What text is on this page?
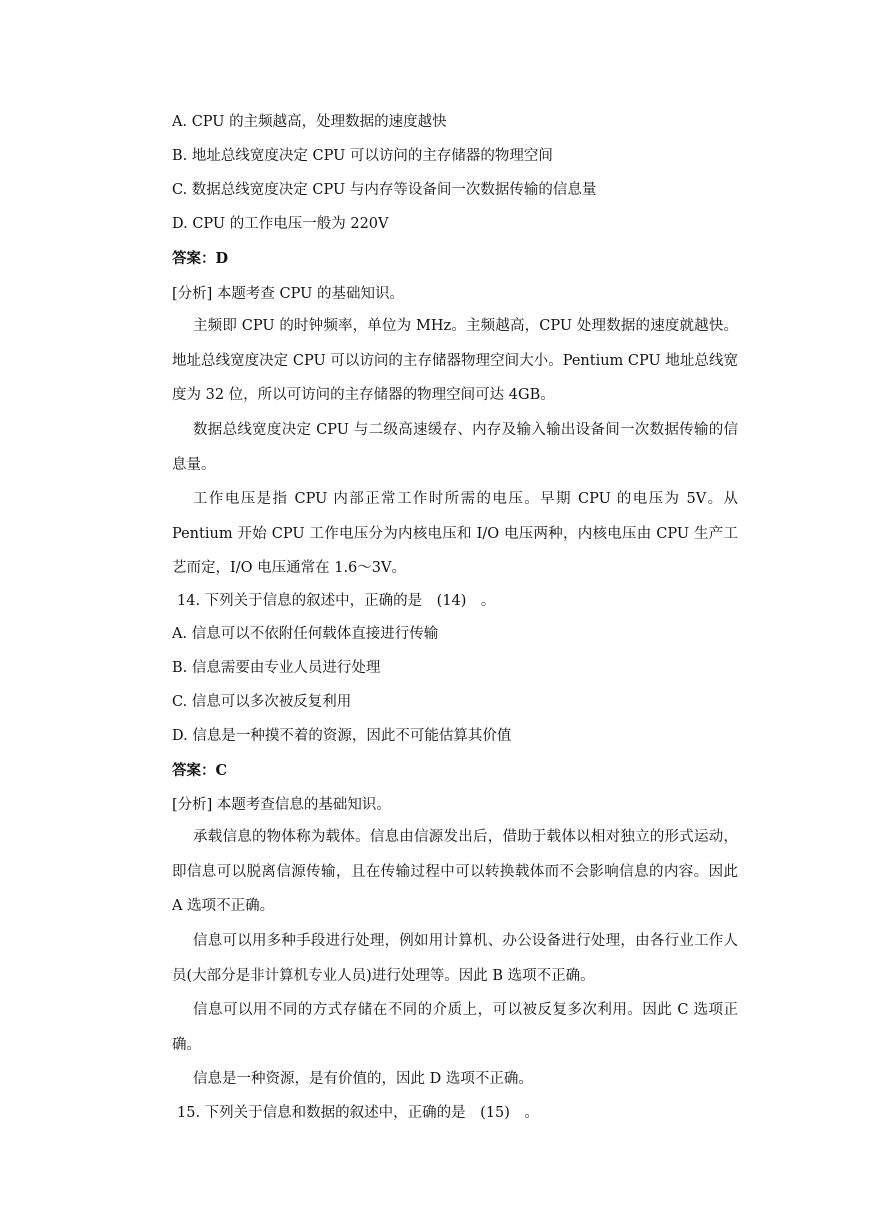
A. CPU 的主频越高，处理数据的速度越快
B. 地址总线宽度决定 CPU 可以访问的主存储器的物理空间
C. 数据总线宽度决定 CPU 与内存等设备间一次数据传输的信息量
D. CPU 的工作电压一般为 220V
答案：D
[分析] 本题考查 CPU 的基础知识。
主频即 CPU 的时钟频率，单位为 MHz。主频越高，CPU 处理数据的速度就越快。地址总线宽度决定 CPU 可以访问的主存储器物理空间大小。Pentium CPU 地址总线宽度为 32 位，所以可访问的主存储器的物理空间可达 4GB。
数据总线宽度决定 CPU 与二级高速缓存、内存及输入输出设备间一次数据传输的信息量。
工作电压是指 CPU 内部正常工作时所需的电压。早期 CPU 的电压为 5V。从 Pentium 开始 CPU 工作电压分为内核电压和 I/O 电压两种，内核电压由 CPU 生产工艺而定，I/O 电压通常在 1.6～3V。
14. 下列关于信息的叙述中，正确的是　(14)　。
A. 信息可以不依附任何载体直接进行传输
B. 信息需要由专业人员进行处理
C. 信息可以多次被反复利用
D. 信息是一种摸不着的资源，因此不可能估算其价值
答案：C
[分析] 本题考查信息的基础知识。
承载信息的物体称为载体。信息由信源发出后，借助于载体以相对独立的形式运动，即信息可以脱离信源传输，且在传输过程中可以转换载体而不会影响信息的内容。因此 A 选项不正确。
信息可以用多种手段进行处理，例如用计算机、办公设备进行处理，由各行业工作人员(大部分是非计算机专业人员)进行处理等。因此 B 选项不正确。
信息可以用不同的方式存储在不同的介质上，可以被反复多次利用。因此 C 选项正确。
信息是一种资源，是有价值的，因此 D 选项不正确。
15. 下列关于信息和数据的叙述中，正确的是　(15)　。
